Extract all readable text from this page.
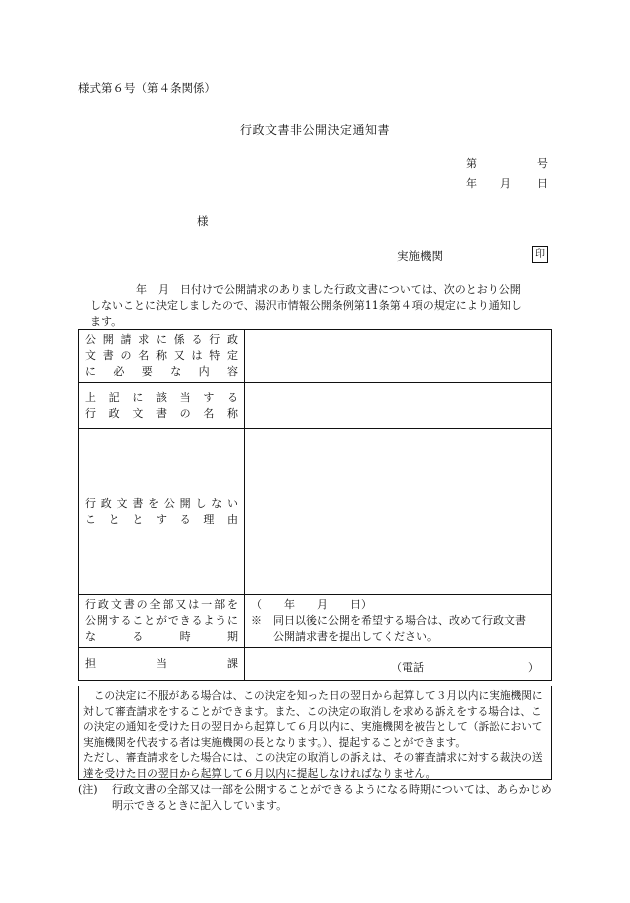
様式第６号（第４条関係）
行政文書非公開決定通知書
第	号
年 月 日
様
実施機関	印
年　月　日付けで公開請求のありました行政文書については、次のとおり公開
しないことに決定しましたので、湯沢市情報公開条例第11条第４項の規定により通知し
ます。
公開請求に係る行政
文書の名称又は特定
に　必　要　な　内　容	

上　記　に　該　当　す　る
行　政　文　書　の　名　称	

行政文書を公開しない
こ　と　と　す　る　理　由	

行政文書の全部又は一部を
公開することができるように
な　　る　　時　　期	（　　年　　月　　日）
※　同日以後に公開を希望する場合は、改めて行政文書
公開請求書を提出してください。

担　　　　当　　　　課	（電話 ）

この決定に不服がある場合は、この決定を知った日の翌日から起算して３月以内に実施機関に対して審査請求をすることができます。また、この決定の取消しを求める訴えをする場合は、この決定の通知を受けた日の翌日から起算して６月以内に、実施機関を被告として（訴訟において実施機関を代表する者は実施機関の長となります。）、提起することができます。

ただし、審査請求をした場合には、この決定の取消しの訴えは、その審査請求に対する裁決の送達を受けた日の翌日から起算して６月以内に提起しなければなりません。

(注)	行政文書の全部又は一部を公開することができるようになる時期については、あらかじめ明示できるときに記入しています。
